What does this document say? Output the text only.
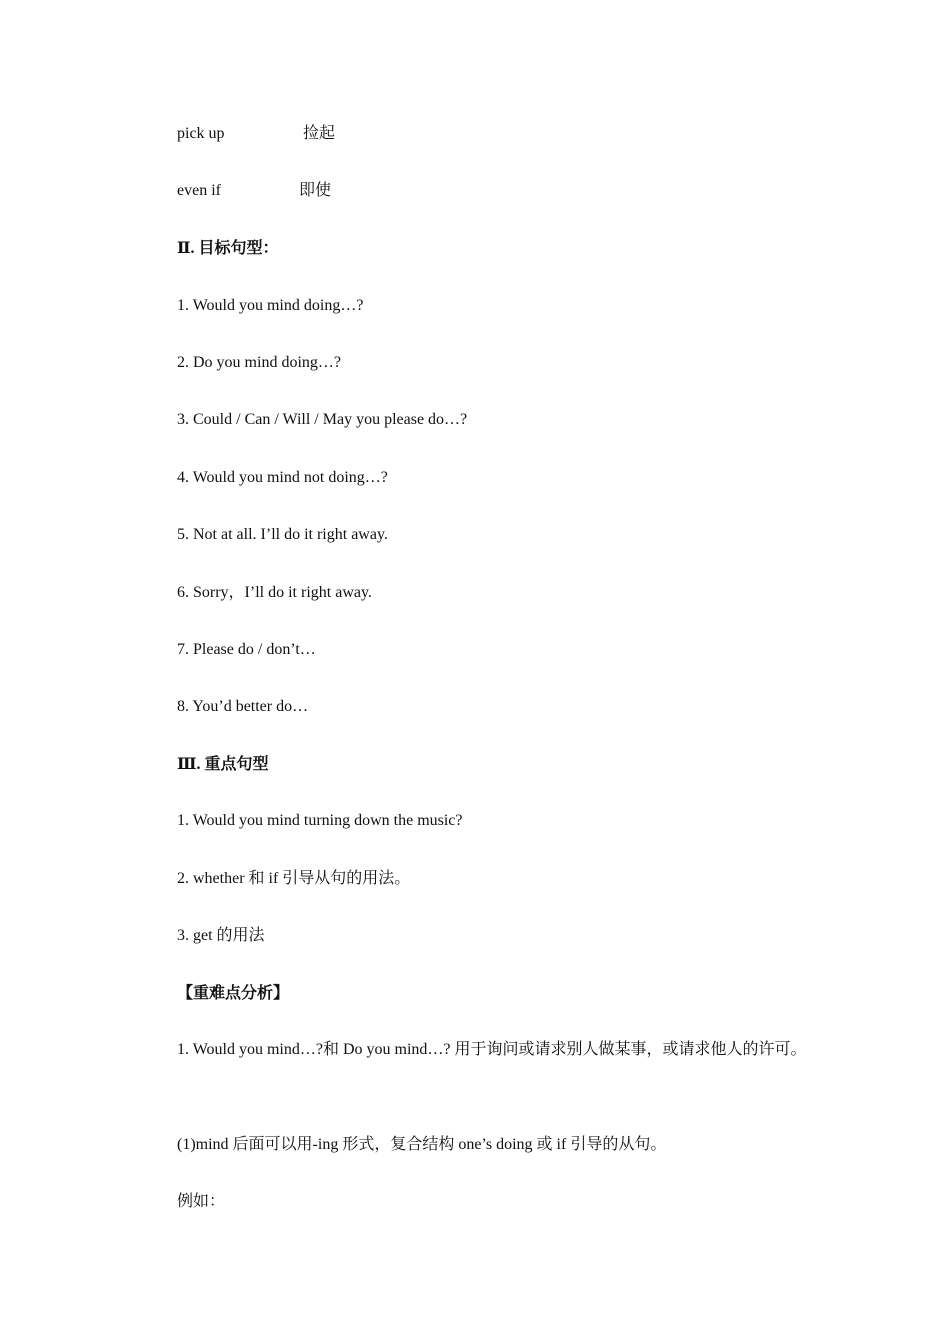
pick up	捡起
even if	即使
Ⅱ. 目标句型：
1. Would you mind doing…?
2. Do you mind doing…?
3. Could / Can / Will / May you please do…?
4. Would you mind not doing…?
5. Not at all. I’ll do it right away.
6. Sorry，I’ll do it right away.
7. Please do / don’t…
8. You’d better do…
Ⅲ. 重点句型
1. Would you mind turning down the music?
2. whether 和 if 引导从句的用法。
3. get 的用法
【重难点分析】
1. Would you mind…?和 Do you mind…? 用于询问或请求别人做某事，或请求他人的许可。
(1)mind 后面可以用-ing 形式，复合结构 one’s doing 或 if 引导的从句。
例如：
